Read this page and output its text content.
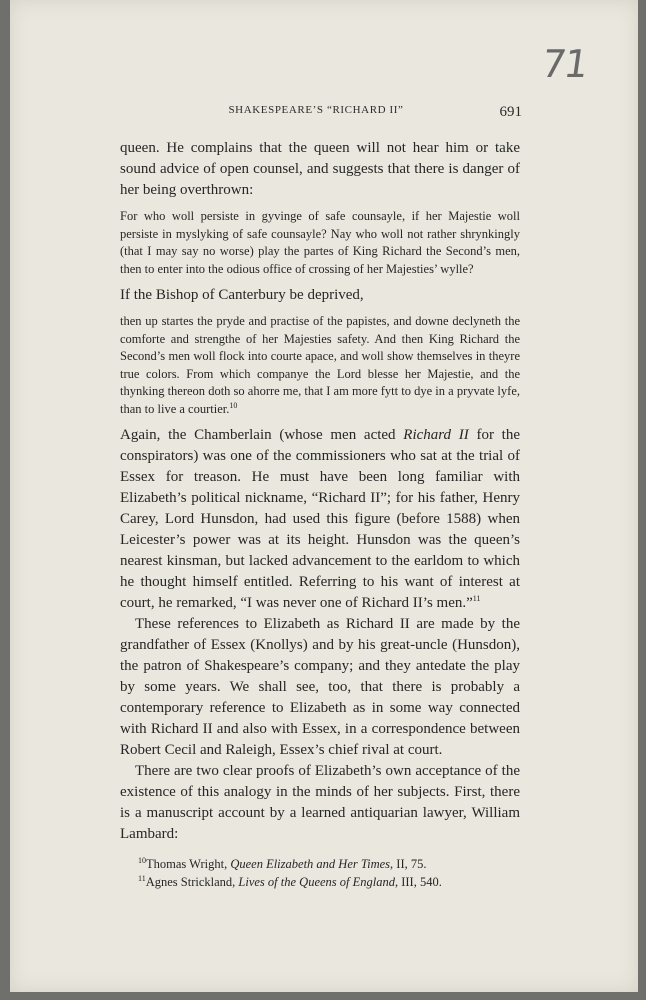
71
SHAKESPEARE’S “RICHARD II”	691

queen. He complains that the queen will not hear him or take sound advice of open counsel, and suggests that there is danger of her being overthrown:

For who woll persiste in gyvinge of safe counsayle, if her Majestie woll persiste in myslyking of safe counsayle? Nay who woll not rather shrynkingly (that I may say no worse) play the partes of King Richard the Second’s men, then to enter into the odious office of crossing of her Majesties’ wylle?

If the Bishop of Canterbury be deprived,

then up startes the pryde and practise of the papistes, and downe declyneth the comforte and strengthe of her Majesties safety. And then King Richard the Second’s men woll flock into courte apace, and woll show themselves in theyre true colors. From which companye the Lord blesse her Majestie, and the thynking thereon doth so ahorre me, that I am more fytt to dye in a pryvate lyfe, than to live a courtier.$^{10}$

Again, the Chamberlain (whose men acted Richard II for the conspirators) was one of the commissioners who sat at the trial of Essex for treason. He must have been long familiar with Elizabeth’s political nickname, “Richard II”; for his father, Henry Carey, Lord Hunsdon, had used this figure (before 1588) when Leicester’s power was at its height. Hunsdon was the queen’s nearest kinsman, but lacked advancement to the earldom to which he thought himself entitled. Referring to his want of interest at court, he remarked, “I was never one of Richard II’s men.”$^{11}$

These references to Elizabeth as Richard II are made by the grandfather of Essex (Knollys) and by his great-uncle (Hunsdon), the patron of Shakespeare’s company; and they antedate the play by some years. We shall see, too, that there is probably a contemporary reference to Elizabeth as in some way connected with Richard II and also with Essex, in a correspondence between Robert Cecil and Raleigh, Essex’s chief rival at court.

There are two clear proofs of Elizabeth’s own acceptance of the existence of this analogy in the minds of her subjects. First, there is a manuscript account by a learned antiquarian lawyer, William Lambard:

$^{10}$Thomas Wright, Queen Elizabeth and Her Times, II, 75.

$^{11}$Agnes Strickland, Lives of the Queens of England, III, 540.
